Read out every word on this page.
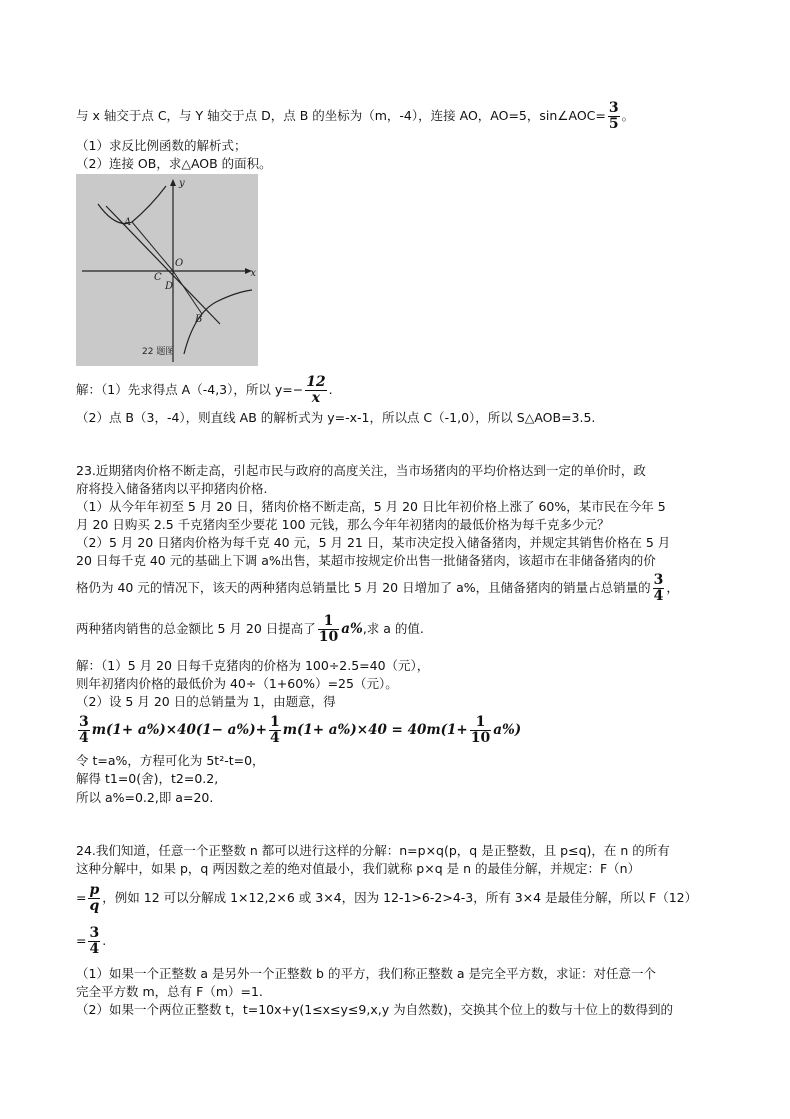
与 x 轴交于点 C，与 Y 轴交于点 D，点 B 的坐标为（m，-4），连接 AO，AO=5，sin∠AOC= $\frac{3}{5}$ 。
（1）求反比例函数的解析式；
（2）连接 OB，求△AOB 的面积。
x
y
A
O
C
D
B
22 题图
解：（1）先求得点 A（-4,3），所以 $y=- \frac{12}{x}$ .
（2）点 B（3，-4），则直线 AB 的解析式为 y=-x-1，所以点 C（-1,0），所以 S△AOB=3.5.
23.近期猪肉价格不断走高，引起市民与政府的高度关注，当市场猪肉的平均价格达到一定的单价时，政
府将投入储备猪肉以平抑猪肉价格.
（1）从今年年初至 5 月 20 日，猪肉价格不断走高，5 月 20 日比年初价格上涨了 60%，某市民在今年 5
月 20 日购买 2.5 千克猪肉至少要花 100 元钱，那么今年年初猪肉的最低价格为每千克多少元？
（2）5 月 20 日猪肉价格为每千克 40 元，5 月 21 日，某市决定投入储备猪肉，并规定其销售价格在 5 月
20 日每千克 40 元的基础上下调 a%出售，某超市按规定价出售一批储备猪肉，该超市在非储备猪肉的价
格仍为 40 元的情况下，该天的两种猪肉总销量比 5 月 20 日增加了 a%，且储备猪肉的销量占总销量的 $\frac{3}{4}$ ，
两种猪肉销售的总金额比 5 月 20 日提高了 $\frac{1}{10} a\%$,求 a 的值.
解：（1）5 月 20 日每千克猪肉的价格为 100÷2.5=40（元），
则年初猪肉价格的最低价为 40÷（1+60%）=25（元）。
（2）设 5 月 20 日的总销量为 1，由题意，得
$\frac{3}{4} m(1+ a\%)\times 40(1- a\%)+ \frac{1}{4} m(1+ a\%)\times 40 = 40m(1+ \frac{1}{10} a\%)$
令 t=a%，方程可化为 5t²-t=0，
解得 t1=0(舍)，t2=0.2,
所以 a%=0.2,即 a=20.
24.我们知道，任意一个正整数 n 都可以进行这样的分解：n=p×q(p，q 是正整数，且 p≤q)，在 n 的所有
这种分解中，如果 p，q 两因数之差的绝对值最小，我们就称 p×q 是 n 的最佳分解，并规定：F（n）
= $\frac{p}{q}$ ，例如 12 可以分解成 1×12,2×6 或 3×4，因为 12-1>6-2>4-3，所有 3×4 是最佳分解，所以 F（12）
= $\frac{3}{4}$ .
（1）如果一个正整数 a 是另外一个正整数 b 的平方，我们称正整数 a 是完全平方数，求证：对任意一个
完全平方数 m，总有 F（m）=1.
（2）如果一个两位正整数 t，t=10x+y(1≤x≤y≤9,x,y 为自然数)，交换其个位上的数与十位上的数得到的
